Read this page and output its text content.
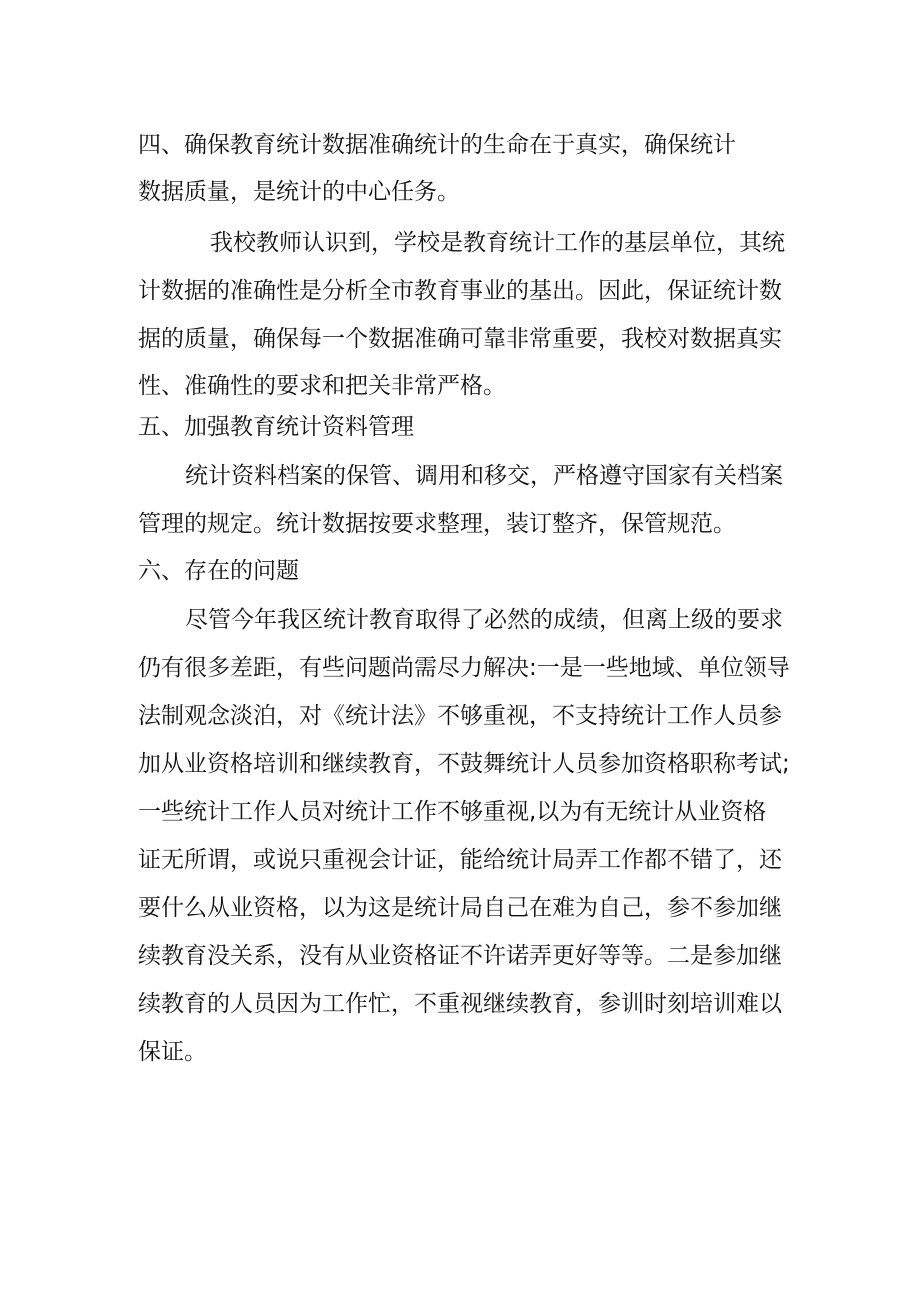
四、确保教育统计数据准确统计的生命在于真实，确保统计
数据质量，是统计的中心任务。
我校教师认识到，学校是教育统计工作的基层单位，其统
计数据的准确性是分析全市教育事业的基出。因此，保证统计数
据的质量，确保每一个数据准确可靠非常重要，我校对数据真实
性、准确性的要求和把关非常严格。
五、加强教育统计资料管理
统计资料档案的保管、调用和移交，严格遵守国家有关档案
管理的规定。统计数据按要求整理，装订整齐，保管规范。
六、存在的问题
尽管今年我区统计教育取得了必然的成绩，但离上级的要求
仍有很多差距，有些问题尚需尽力解决:一是一些地域、单位领导
法制观念淡泊，对《统计法》不够重视，不支持统计工作人员参
加从业资格培训和继续教育，不鼓舞统计人员参加资格职称考试;
一些统计工作人员对统计工作不够重视,以为有无统计从业资格
证无所谓，或说只重视会计证，能给统计局弄工作都不错了，还
要什么从业资格，以为这是统计局自己在难为自己，参不参加继
续教育没关系，没有从业资格证不许诺弄更好等等。二是参加继
续教育的人员因为工作忙，不重视继续教育，参训时刻培训难以
保证。
